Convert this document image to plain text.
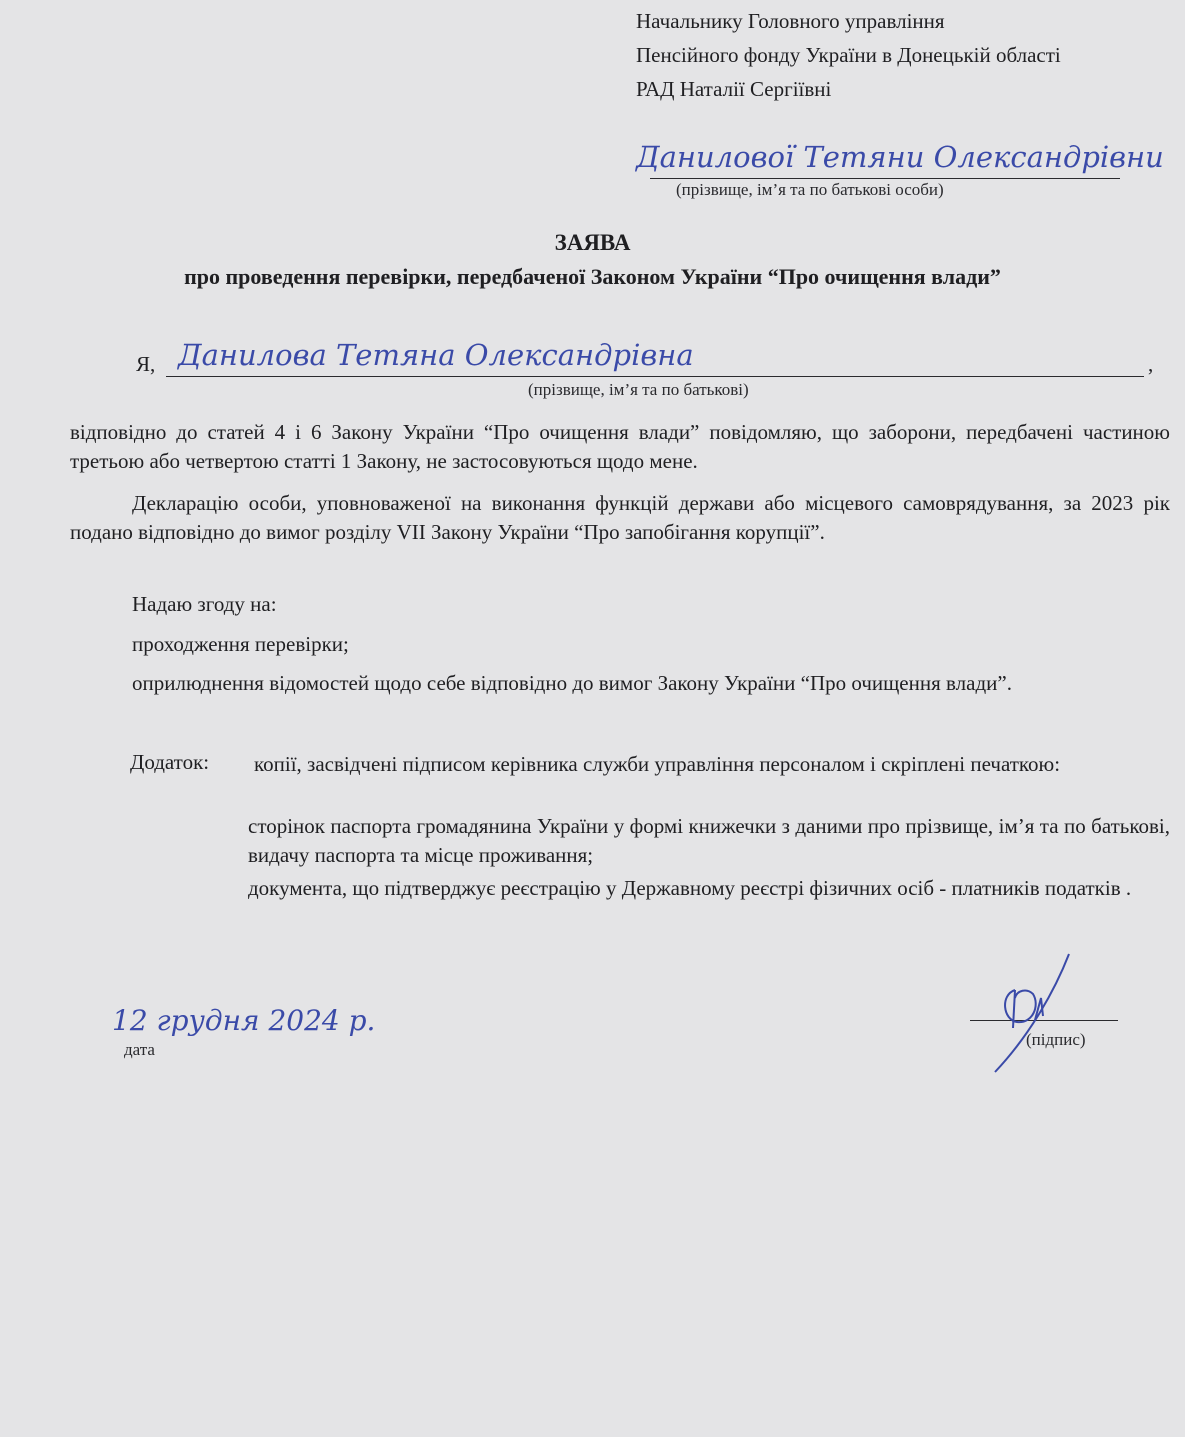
Начальнику Головного управління
Пенсійного фонду України в Донецькій області
РАД Наталії Сергіївні
Данилової Тетяни Олександрівни
(прізвище, ім’я та по батькові особи)
ЗАЯВА
про проведення перевірки, передбаченої Законом України “Про очищення влади”
Я, Данилова Тетяна Олександрівна	,
(прізвище, ім’я та по батькові)
відповідно до статей 4 і 6 Закону України “Про очищення влади” повідомляю, що заборони, передбачені частиною третьою або четвертою статті 1 Закону, не застосовуються щодо мене.
Декларацію особи, уповноваженої на виконання функцій держави або місцевого самоврядування, за 2023 рік подано відповідно до вимог розділу VII Закону України “Про запобігання корупції”.
Надаю згоду на:
проходження перевірки;
оприлюднення відомостей щодо себе відповідно до вимог Закону України “Про очищення влади”.
Додаток: копії, засвідчені підписом керівника служби управління персоналом і скріплені печаткою:
сторінок паспорта громадянина України у формі книжечки з даними про прізвище, ім’я та по батькові, видачу паспорта та місце проживання;
документа, що підтверджує реєстрацію у Державному реєстрі фізичних осіб - платників податків .
12 грудня 2024 р.
дата
(підпис)
